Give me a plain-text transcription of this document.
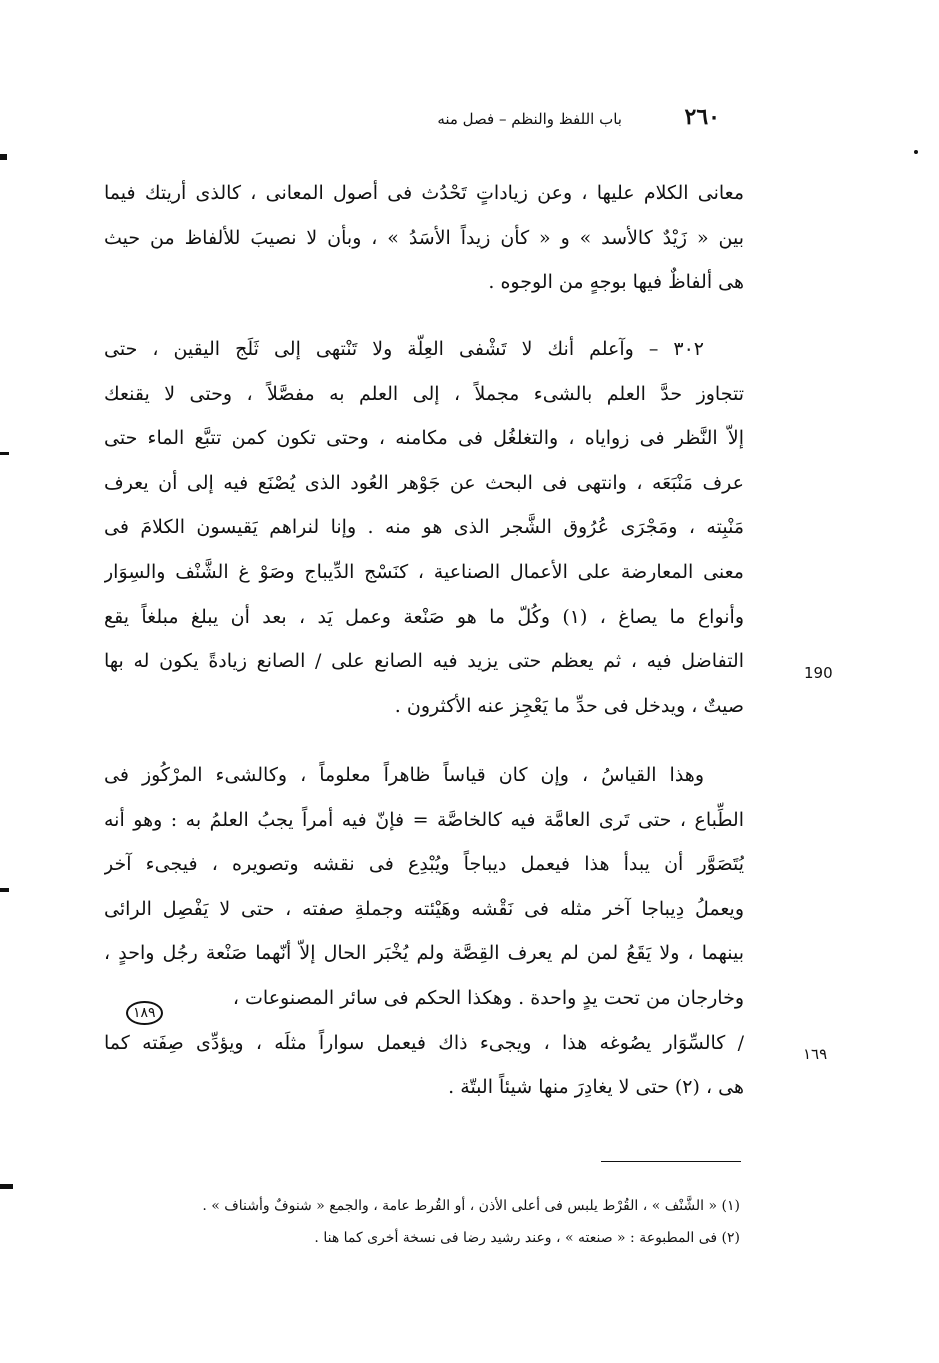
٢٦٠
باب اللفظ والنظم – فصل منه
معانى الكلام عليها ، وعن زياداتٍ تَحْدُث فى أصول المعانى ، كالذى أريتك فيما
بين « زَيْدٌ كالأسد » و « كأن زيداً الأسَدُ » ، وبأن لا نصيبَ للألفاظ من حيث
هى ألفاظٌ فيها بوجهٍ من الوجوه .
٣٠٢ – وآعلم أنك لا تَشْفى العِلّة ولا تَنْتهى إلى ثَلَج اليقين ، حتى
تتجاوز حدَّ العلم بالشىء مجملاً ، إلى العلم به مفصَّلاً ، وحتى لا يقنعك
إلاّ النَّظر فى زواياه ، والتغلغُل فى مكامنه ، وحتى تكون كمن تتبَّع الماء حتى
عرف مَنْبَعَه ، وانتهى فى البحث عن جَوْهر العُود الذى يُصْنَع فيه إلى أن يعرف
مَنْبِته ، ومَجْرَى عُرُوق الشَّجر الذى هو منه . وإنا لنراهم يَقيسون الكلامَ فى
معنى المعارضة على الأعمال الصناعية ، كنَسْج الدِّيباج وصَوْ غ الشَّنْف والسِوَار
وأنواع ما يصاغ ، (١) وكُلّ ما هو صَنْعة وعمل يَد ، بعد أن يبلغ مبلغاً يقع
التفاضل فيه ، ثم يعظم حتى يزيد فيه الصانع على / الصانع زيادةً يكون له بها
صيتٌ ، ويدخل فى حدِّ ما يَعْجِز عنه الأكثرون .
وهذا القياسُ ، وإن كان قياساً ظاهراً معلوماً ، وكالشىء المرْكُوز فى
الطِّباع ، حتى تَرى العامَّة فيه كالخاصَّة = فإنّ فيه أمراً يجبُ العلمُ به : وهو أنه
يُتَصَوَّر أن يبدأ هذا فيعمل ديباجاً ويُبْدِع فى نقشه وتصويره ، فيجىء آخر
ويعملُ دِيباجا آخر مثله فى نَقْشه وهَيْئته وجملةِ صفته ، حتى لا يَفْصِل الرائى
بينهما ، ولا يَقَعُ لمن لم يعرف القِصَّة ولم يُخْبَر الحال إلاّ أنّهما صَنْعة رجُل واحدٍ ،
وخارجان من تحت يدٍ واحدة . وهكذا الحكم فى سائر المصنوعات ،
/ كالسِّوَار يصُوغه هذا ، ويجىء ذاك فيعمل سواراً مثلَه ، ويؤدِّى صِفَته كما
هى ، (٢) حتى لا يغادِرَ منها شيئاً البتّة .
190
١٨٩
١٦٩
(١) « الشَّنْف » ، القُرْط يلبس فى أعلى الأذن ، أو القُرط عامة ، والجمع « شنوفٌ وأشناف » .
(٢) فى المطبوعة : « صنعته » ، وعند رشيد رضا فى نسخة أخرى كما هنا .
